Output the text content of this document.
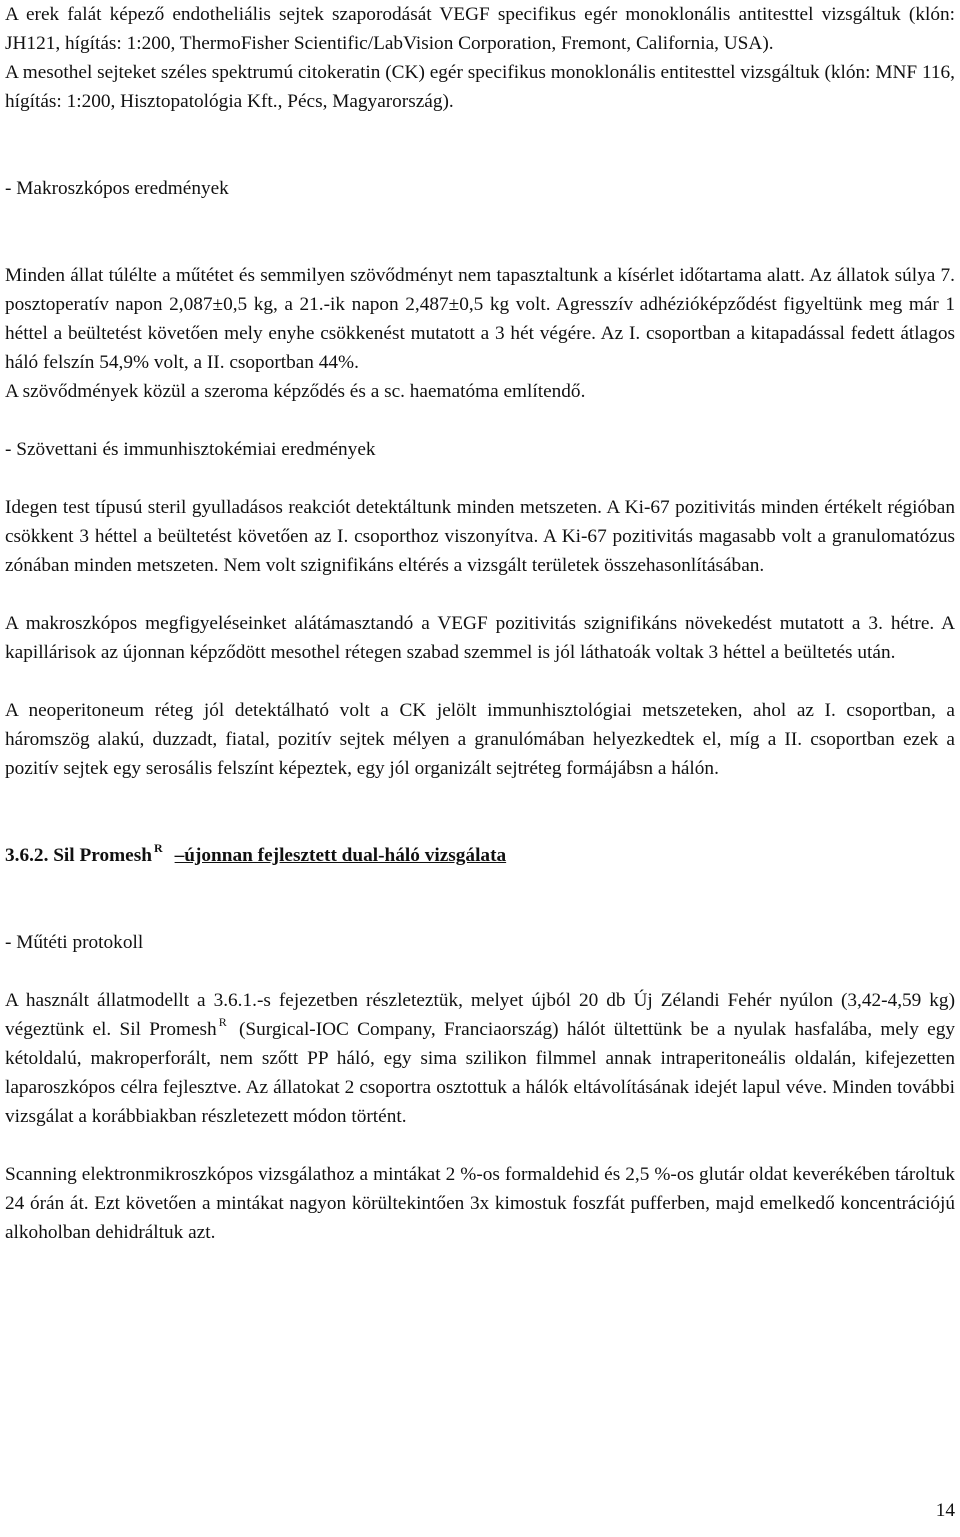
A erek falát képező endotheliális sejtek szaporodását VEGF specifikus egér monoklonális antitesttel vizsgáltuk (klón: JH121, hígítás: 1:200, ThermoFisher Scientific/LabVision Corporation, Fremont, California, USA).

A mesothel sejteket széles spektrumú citokeratin (CK) egér specifikus monoklonális entitesttel vizsgáltuk (klón: MNF 116, hígítás: 1:200, Hisztopatológia Kft., Pécs, Magyarország).

- Makroszkópos eredmények

Minden állat túlélte a műtétet és semmilyen szövődményt nem tapasztaltunk a kísérlet időtartama alatt. Az állatok súlya 7. posztoperatív napon 2,087±0,5 kg, a 21.-ik napon 2,487±0,5 kg volt. Agresszív adhézióképződést figyeltünk meg már 1 héttel a beültetést követően mely enyhe csökkenést mutatott a 3 hét végére. Az I. csoportban a kitapadással fedett átlagos háló felszín 54,9% volt, a II. csoportban 44%.

A szövődmények közül a szeroma képződés és a sc. haematóma említendő.

- Szövettani és immunhisztokémiai eredmények

Idegen test típusú steril gyulladásos reakciót detektáltunk minden metszeten. A Ki-67 pozitivitás minden értékelt régióban csökkent 3 héttel a beültetést követően az I. csoporthoz viszonyítva. A Ki-67 pozitivitás magasabb volt a granulomatózus zónában minden metszeten. Nem volt szignifikáns eltérés a vizsgált területek összehasonlításában.

A makroszkópos megfigyeléseinket alátámasztandó a VEGF pozitivitás szignifikáns növekedést mutatott a 3. hétre. A kapillárisok az újonnan képződött mesothel rétegen szabad szemmel is jól láthatoák voltak 3 héttel a beültetés után.

A neoperitoneum réteg jól detektálható volt a CK jelölt immunhisztológiai metszeteken, ahol az I. csoportban, a háromszög alakú, duzzadt, fiatal, pozitív sejtek mélyen a granulómában helyezkedtek el, míg a II. csoportban ezek a pozitív sejtek egy serosális felszínt képeztek, egy jól organizált sejtréteg formájábsn a hálón.

3.6.2. Sil Promesh $^R$ –újonnan fejlesztett dual-háló vizsgálata

- Műtéti protokoll

A használt állatmodellt a 3.6.1.-s fejezetben részleteztük, melyet újból 20 db Új Zélandi Fehér nyúlon (3,42-4,59 kg) végeztünk el. Sil Promesh $^R$ (Surgical-IOC Company, Franciaország) hálót ültettünk be a nyulak hasfalába, mely egy kétoldalú, makroperforált, nem szőtt PP háló, egy sima szilikon filmmel annak intraperitoneális oldalán, kifejezetten laparoszkópos célra fejlesztve. Az állatokat 2 csoportra osztottuk a hálók eltávolításának idejét lapul véve. Minden további vizsgálat a korábbiakban részletezett módon történt.

Scanning elektronmikroszkópos vizsgálathoz a mintákat 2 %-os formaldehid és 2,5 %-os glutár oldat keverékében tároltuk 24 órán át. Ezt követően a mintákat nagyon körültekintően 3x kimostuk foszfát pufferben, majd emelkedő koncentrációjú alkoholban dehidráltuk azt.

14
